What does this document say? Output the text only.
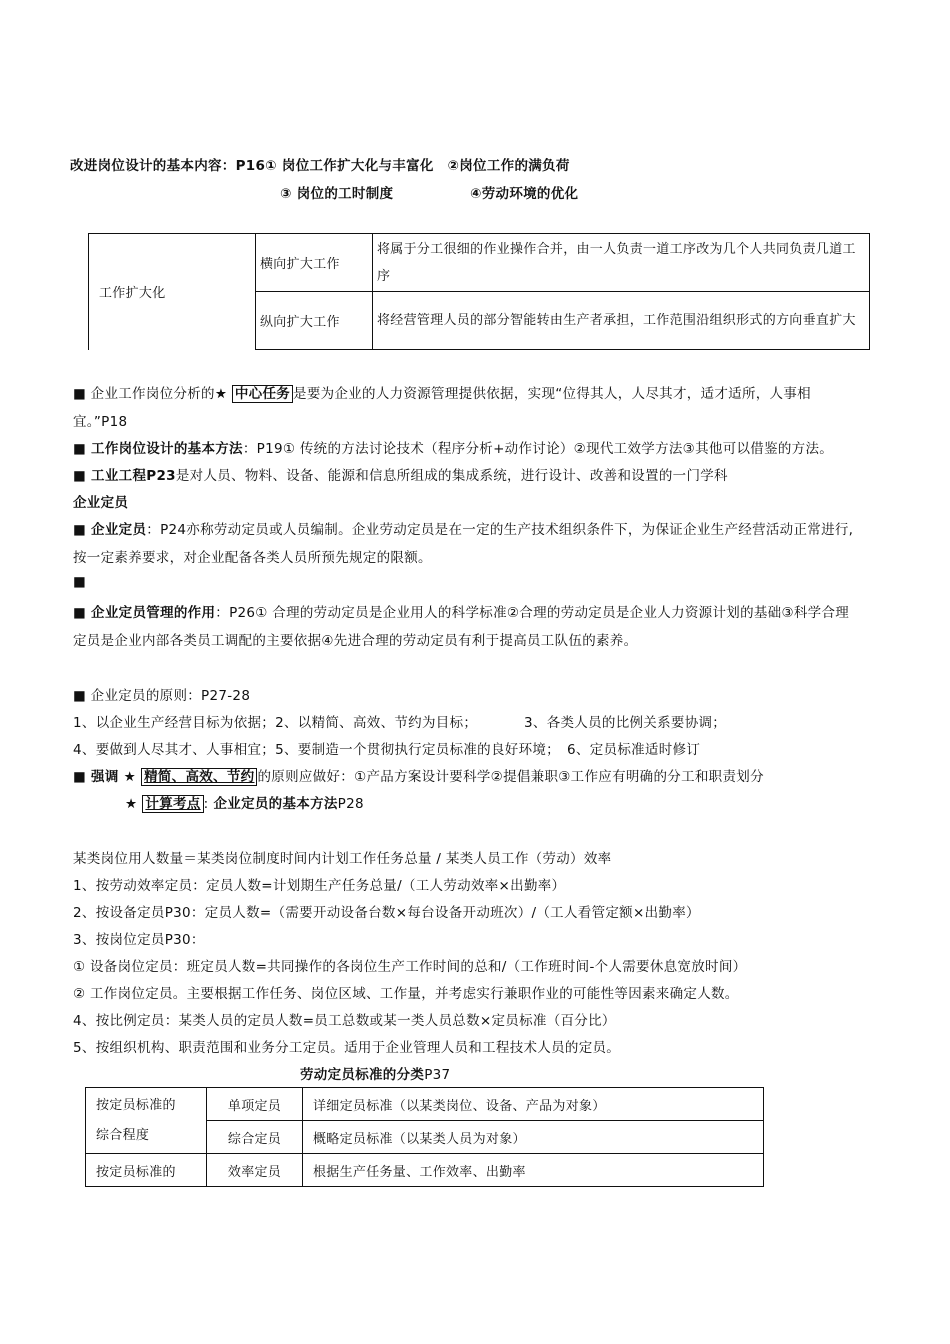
改进岗位设计的基本内容：P16① 岗位工作扩大化与丰富化　②岗位工作的满负荷
③ 岗位的工时制度	④劳动环境的优化
工作扩大化	横向扩大工作	将属于分工很细的作业操作合并，由一人负责一道工序改为几个人共同负责几道工序
	纵向扩大工作	将经营管理人员的部分智能转由生产者承担，工作范围沿组织形式的方向垂直扩大
■ 企业工作岗位分析的★ 中心任务 是要为企业的人力资源管理提供依据，实现“位得其人，人尽其才，适才适所，人事相
宜。”P18
■ 工作岗位设计的基本方法：P19① 传统的方法讨论技术（程序分析+动作讨论）②现代工效学方法③其他可以借鉴的方法。
■ 工业工程P23是对人员、物料、设备、能源和信息所组成的集成系统，进行设计、改善和设置的一门学科
企业定员
■ 企业定员：P24亦称劳动定员或人员编制。企业劳动定员是在一定的生产技术组织条件下，为保证企业生产经营活动正常进行,
按一定素养要求，对企业配备各类人员所预先规定的限额。
■
■ 企业定员管理的作用：P26① 合理的劳动定员是企业用人的科学标准②合理的劳动定员是企业人力资源计划的基础③科学合理
定员是企业内部各类员工调配的主要依据④先进合理的劳动定员有利于提高员工队伍的素养。
■ 企业定员的原则：P27-28
1、以企业生产经营目标为依据；2、以精简、高效、节约为目标；	3、各类人员的比例关系要协调；
4、要做到人尽其才、人事相宜；5、要制造一个贯彻执行定员标准的良好环境；　6、定员标准适时修订
■ 强调 ★ 精简、高效、节约 的原则应做好：①产品方案设计要科学②提倡兼职③工作应有明确的分工和职责划分
★ 计算考点 : 企业定员的基本方法P28
某类岗位用人数量＝某类岗位制度时间内计划工作任务总量 / 某类人员工作（劳动）效率
1、按劳动效率定员：定员人数=计划期生产任务总量/（工人劳动效率×出勤率）
2、按设备定员P30：定员人数=（需要开动设备台数×每台设备开动班次）/（工人看管定额×出勤率）
3、按岗位定员P30：
① 设备岗位定员：班定员人数=共同操作的各岗位生产工作时间的总和/（工作班时间-个人需要休息宽放时间）
② 工作岗位定员。主要根据工作任务、岗位区域、工作量，并考虑实行兼职作业的可能性等因素来确定人数。
4、按比例定员：某类人员的定员人数=员工总数或某一类人员总数×定员标准（百分比）
5、按组织机构、职责范围和业务分工定员。适用于企业管理人员和工程技术人员的定员。
劳动定员标准的分类P37
按定员标准的
综合程度	单项定员	详细定员标准（以某类岗位、设备、产品为对象）
	综合定员	概略定员标准（以某类人员为对象）
按定员标准的	效率定员	根据生产任务量、工作效率、出勤率
